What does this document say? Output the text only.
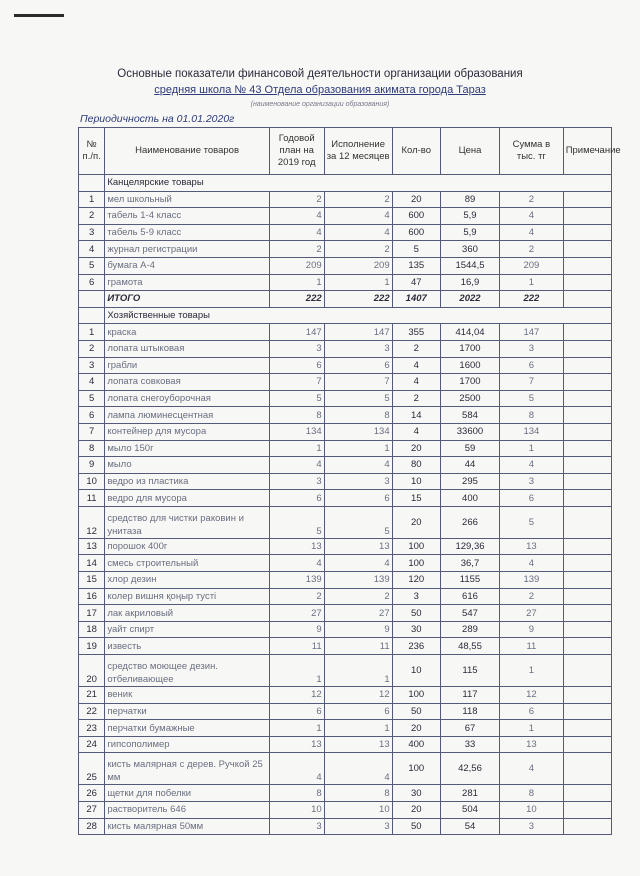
Основные показатели финансовой деятельности организации образования
средняя школа № 43 Отдела образования акимата города Тараз
(наименование организации образования)
Периодичность на 01.01.2020г
№ п./п.	Наименование товаров	Годовой план на 2019 год	Исполнение за 12 месяцев	Кол-во	Цена	Сумма в тыс. тг	Примечание
	Канцелярские товары						
1	мел школьный	2	2	20	89	2	
2	табель 1-4 класс	4	4	600	5,9	4	
3	табель 5-9 класс	4	4	600	5,9	4	
4	журнал регистрации	2	2	5	360	2	
5	бумага А-4	209	209	135	1544,5	209	
6	грамота	1	1	47	16,9	1	
	ИТОГО	222	222	1407	2022	222	
	Хозяйственные товары						
1	краска	147	147	355	414,04	147	
2	лопата штыковая	3	3	2	1700	3	
3	грабли	6	6	4	1600	6	
4	лопата совковая	7	7	4	1700	7	
5	лопата снегоуборочная	5	5	2	2500	5	
6	лампа люминесцентная	8	8	14	584	8	
7	контейнер для мусора	134	134	4	33600	134	
8	мыло 150г	1	1	20	59	1	
9	мыло	4	4	80	44	4	
10	ведро из пластика	3	3	10	295	3	
11	ведро для мусора	6	6	15	400	6	
12	средство для чистки раковин и унитаза	5	5	20	266	5	
13	порошок 400г	13	13	100	129,36	13	
14	смесь строительный	4	4	100	36,7	4	
15	хлор дезин	139	139	120	1155	139	
16	колер вишня қоңыр тусті	2	2	3	616	2	
17	лак акриловый	27	27	50	547	27	
18	уайт спирт	9	9	30	289	9	
19	известь	11	11	236	48,55	11	
20	средство моющее дезин. отбеливающее	1	1	10	115	1	
21	веник	12	12	100	117	12	
22	перчатки	6	6	50	118	6	
23	перчатки бумажные	1	1	20	67	1	
24	гипсополимер	13	13	400	33	13	
25	кисть малярная с дерев. Ручкой 25 мм	4	4	100	42,56	4	
26	щетки для побелки	8	8	30	281	8	
27	растворитель 646	10	10	20	504	10	
28	кисть малярная 50мм	3	3	50	54	3	
